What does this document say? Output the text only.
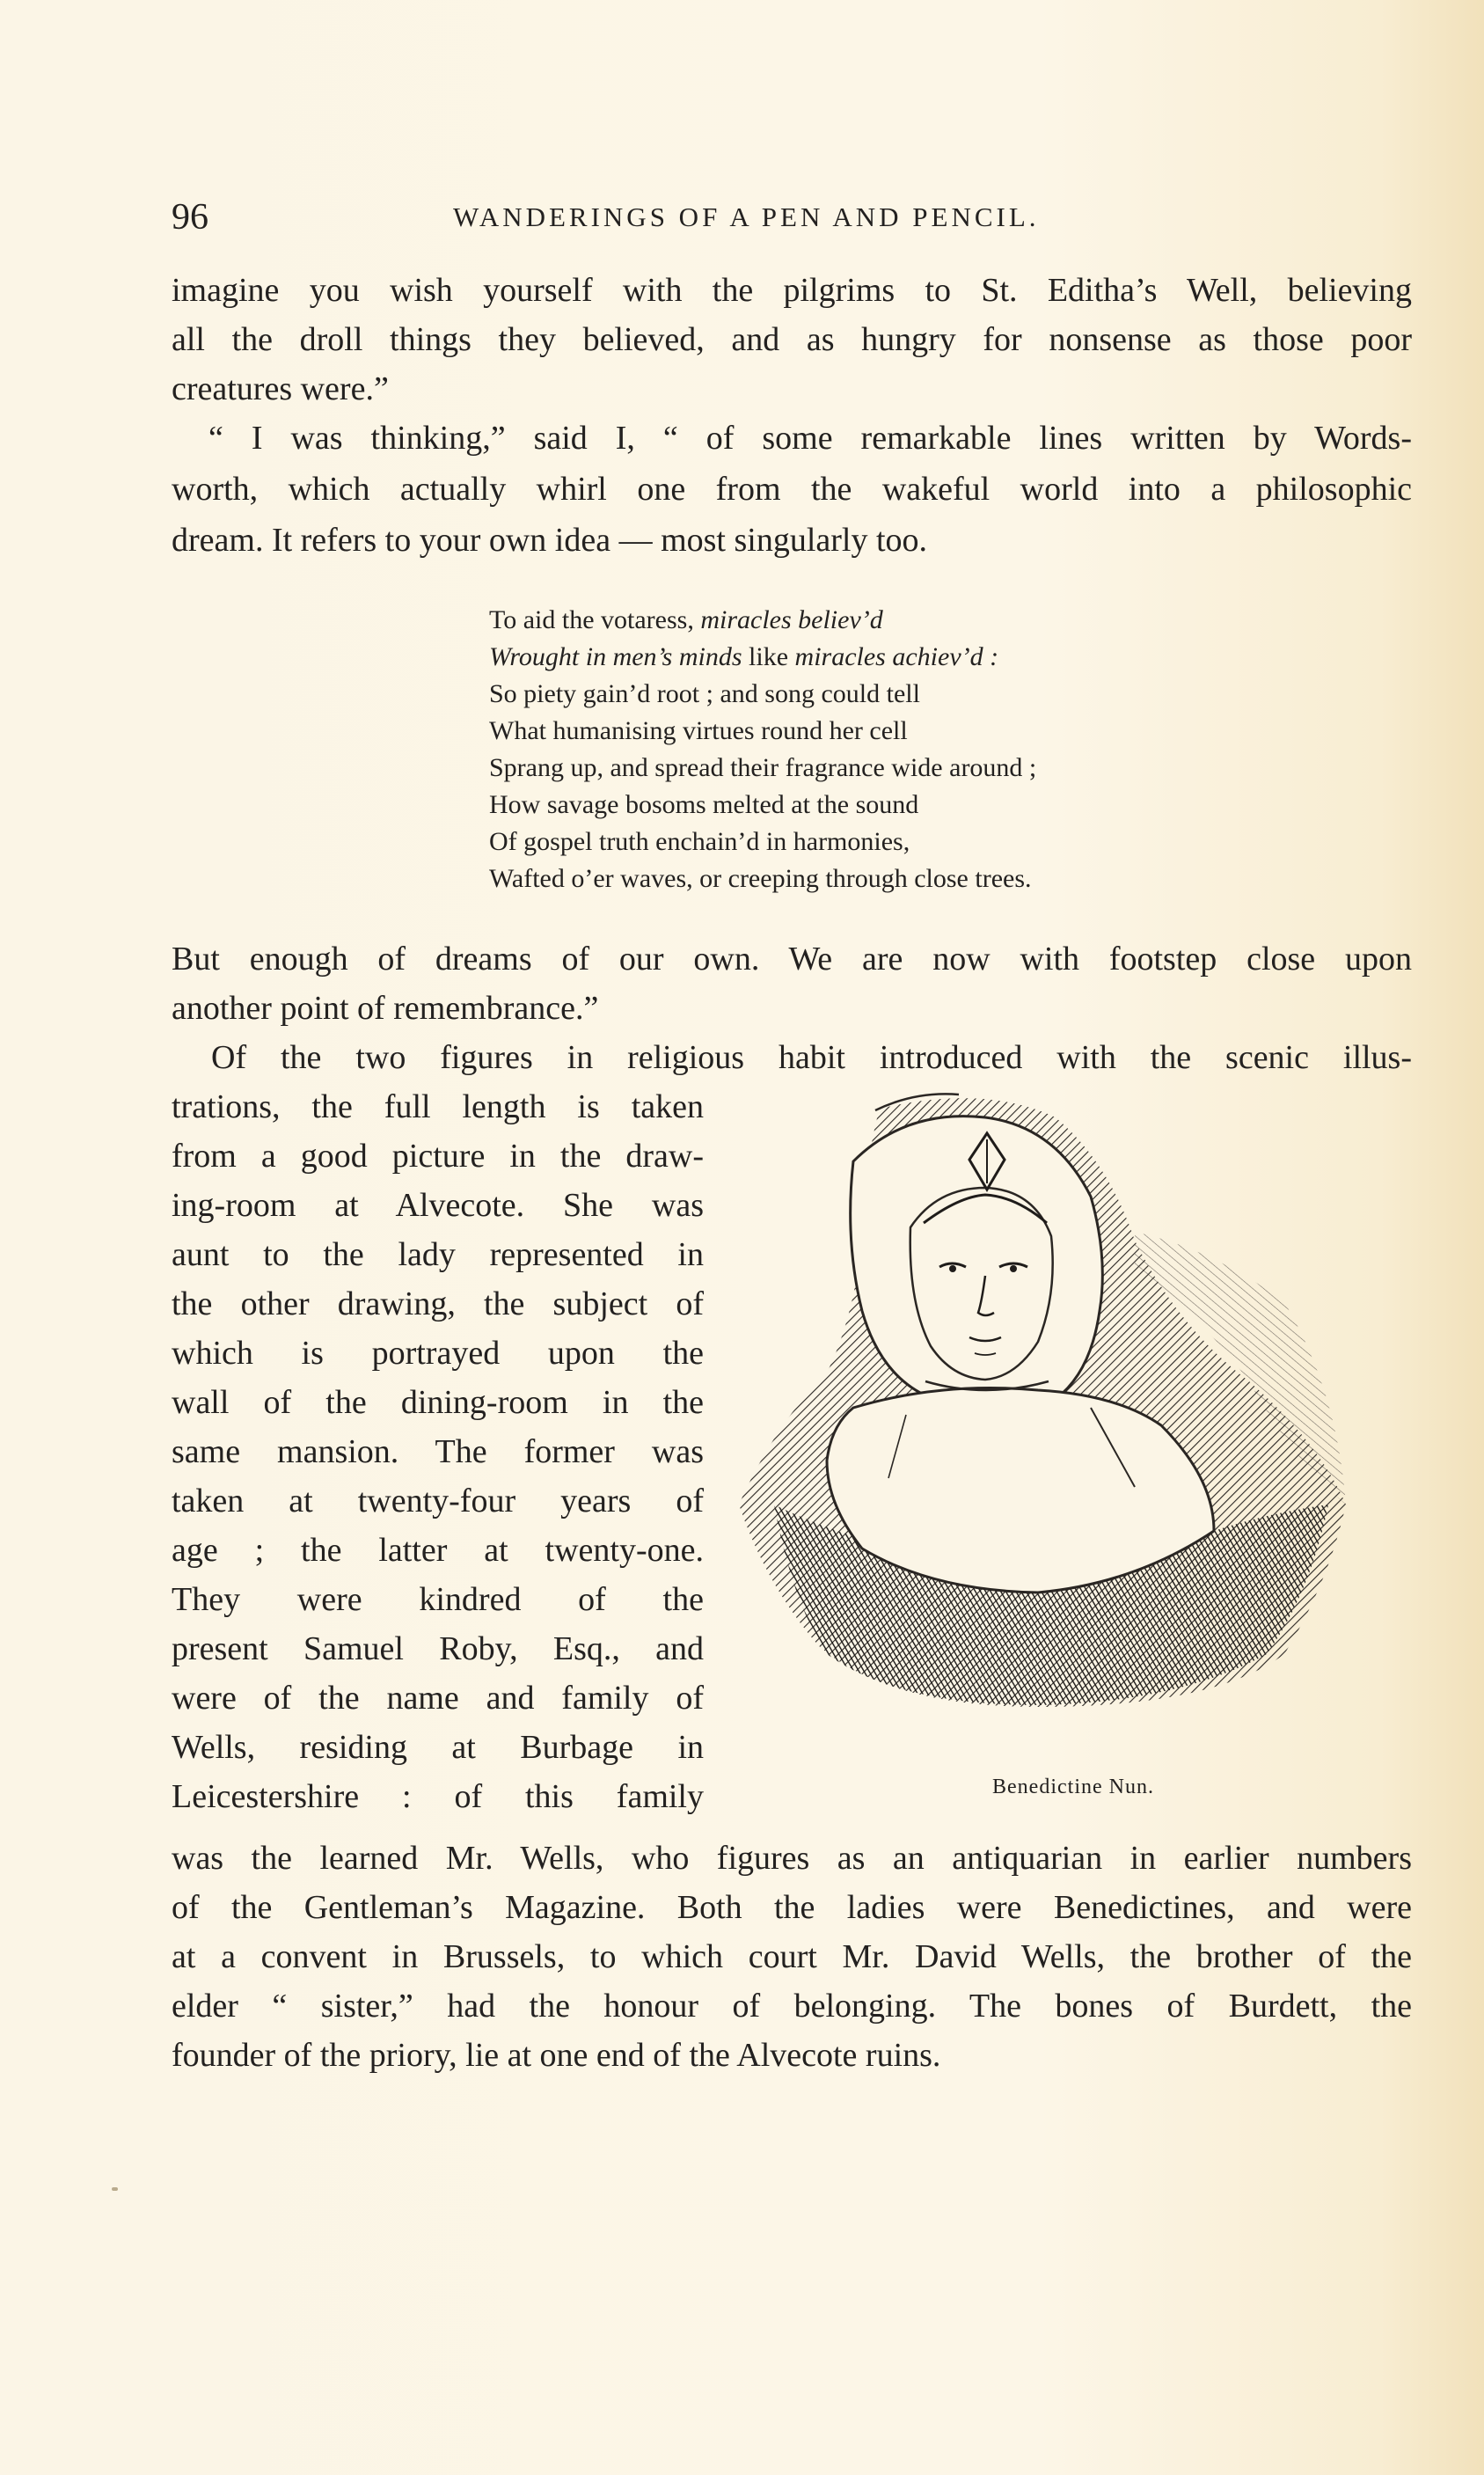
96	WANDERINGS OF A PEN AND PENCIL.
imagine you wish yourself with the pilgrims to St. Editha’s Well, believing
all the droll things they believed, and as hungry for nonsense as those poor
creatures were.”
“ I was thinking,” said I, “ of some remarkable lines written by Words-
worth, which actually whirl one from the wakeful world into a philosophic
dream. It refers to your own idea — most singularly too.
To aid the votaress, miracles believ’d
Wrought in men’s minds like miracles achiev’d :
So piety gain’d root ; and song could tell
What humanising virtues round her cell
Sprang up, and spread their fragrance wide around ;
How savage bosoms melted at the sound
Of gospel truth enchain’d in harmonies,
Wafted o’er waves, or creeping through close trees.
But enough of dreams of our own. We are now with footstep close upon
another point of remembrance.”
Of the two figures in religious habit introduced with the scenic illus-
trations, the full length is taken
from a good picture in the draw-
ing-room at Alvecote. She was
aunt to the lady represented in
the other drawing, the subject of
which is portrayed upon the
wall of the dining-room in the
same mansion. The former was
taken at twenty-four years of
age ; the latter at twenty-one.
They were kindred of the
present Samuel Roby, Esq., and
were of the name and family of
Wells, residing at Burbage in
Leicestershire : of this family
was the learned Mr. Wells, who figures as an antiquarian in earlier numbers
of the Gentleman’s Magazine. Both the ladies were Benedictines, and were
at a convent in Brussels, to which court Mr. David Wells, the brother of the
elder “ sister,” had the honour of belonging. The bones of Burdett, the
founder of the priory, lie at one end of the Alvecote ruins.
Benedictine Nun.
